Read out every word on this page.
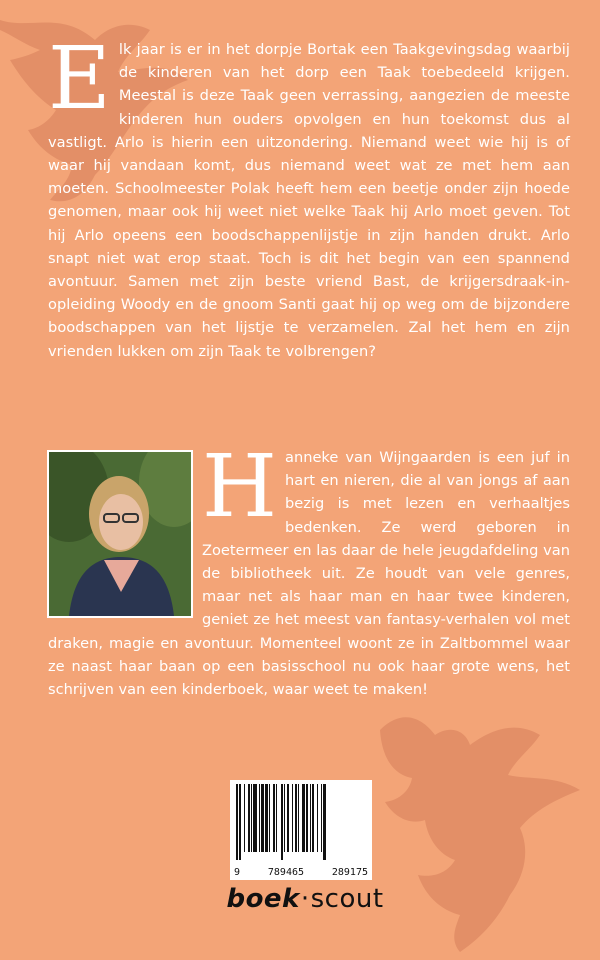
E lk jaar is er in het dorpje Bortak een Taakgevingsdag waarbij de kinderen van het dorp een Taak toebedeeld krijgen. Meestal is deze Taak geen verrassing, aangezien de meeste kinderen hun ouders opvolgen en hun toekomst dus al vastligt. Arlo is hierin een uitzondering. Niemand weet wie hij is of waar hij vandaan komt, dus niemand weet wat ze met hem aan moeten. Schoolmeester Polak heeft hem een beetje onder zijn hoede genomen, maar ook hij weet niet welke Taak hij Arlo moet geven. Tot hij Arlo opeens een boodschappenlijstje in zijn handen drukt. Arlo snapt niet wat erop staat. Toch is dit het begin van een spannend avontuur. Samen met zijn beste vriend Bast, de krijgersdraak-in-opleiding Woody en de gnoom Santi gaat hij op weg om de bijzondere boodschappen van het lijstje te verzamelen. Zal het hem en zijn vrienden lukken om zijn Taak te volbrengen?
H anneke van Wijngaarden is een juf in hart en nieren, die al van jongs af aan bezig is met lezen en verhaaltjes bedenken. Ze werd geboren in Zoetermeer en las daar de hele jeugdafdeling van de bibliotheek uit. Ze houdt van vele genres, maar net als haar man en haar twee kinderen, geniet ze het meest van fantasy-verhalen vol met draken, magie en avontuur. Momenteel woont ze in Zaltbommel waar ze naast haar baan op een basisschool nu ook haar grote wens, het schrijven van een kinderboek, waar weet te maken!
9	789465	289175
boek·scout
